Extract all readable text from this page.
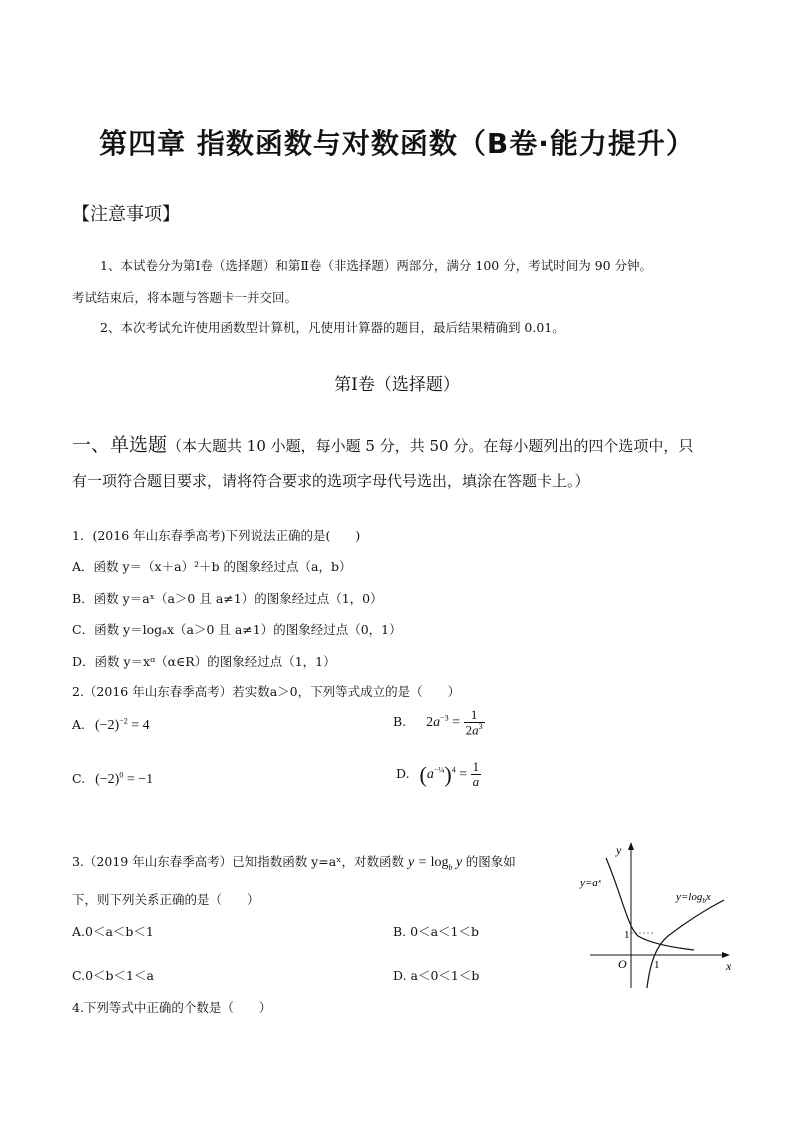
第四章 指数函数与对数函数（B卷·能力提升）
【注意事项】
1、本试卷分为第Ⅰ卷（选择题）和第Ⅱ卷（非选择题）两部分，满分 100 分，考试时间为 90 分钟。
考试结束后，将本题与答题卡一并交回。
2、本次考试允许使用函数型计算机，凡使用计算器的题目，最后结果精确到 0.01。
第Ⅰ卷（选择题）
一、单选题（本大题共 10 小题，每小题 5 分，共 50 分。在每小题列出的四个选项中，只
有一项符合题目要求，请将符合要求的选项字母代号选出，填涂在答题卡上。）
1．(2016 年山东春季高考)下列说法正确的是(　　)
A．函数 y＝（x＋a）²＋b 的图象经过点（a，b）
B．函数 y＝aˣ（a＞0 且 a≠1）的图象经过点（1，0）
C．函数 y＝logₐx（a＞0 且 a≠1）的图象经过点（0，1）
D．函数 y＝xᵅ（α∈R）的图象经过点（1，1）
2.（2016 年山东春季高考）若实数a＞0，下列等式成立的是（　　）
A. $(-2)^{-2} = 4$	B. $2a^{-3} = \frac{1}{2a^3}$
C. $(-2)^0 = -1$	D. $(a^{-\frac{1}{4}})^4 = \frac{1}{a}$
3.（2019 年山东春季高考）已知指数函数 y=aˣ，对数函数 $y = \log_b y$ 的图象如
下，则下列关系正确的是（　　）
A.0＜a＜b＜1	B. 0＜a＜1＜b
C.0＜b＜1＜a	D. a＜0＜1＜b
y
x
O
1
1
y=aˣ
$y=\log_bx$
4.下列等式中正确的个数是（　　）
